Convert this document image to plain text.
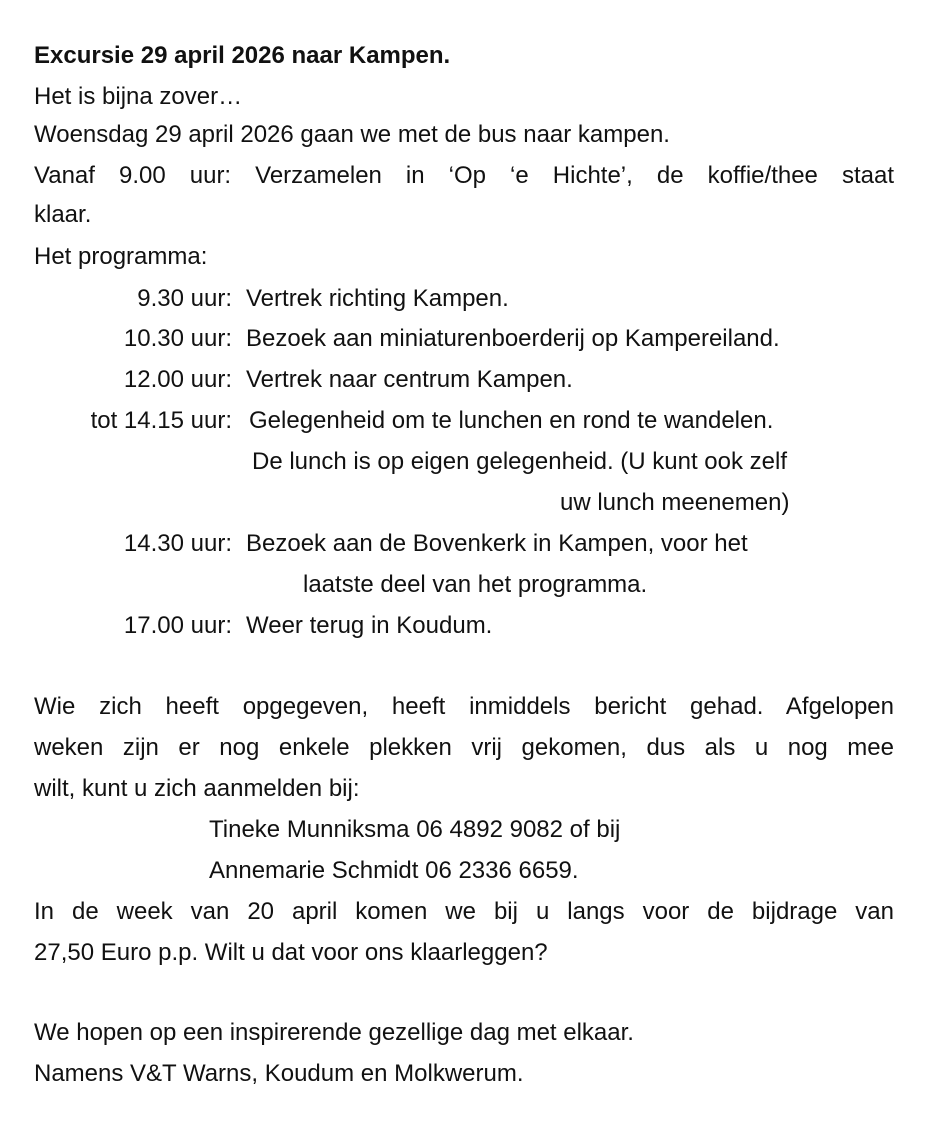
Excursie 29 april 2026 naar Kampen.
Het is bijna zover…
Woensdag 29 april 2026 gaan we met de bus naar kampen.
Vanaf 9.00 uur: Verzamelen in ‘Op ‘e Hichte’, de koffie/thee staat
klaar.
Het programma:
9.30 uur: Vertrek richting Kampen.
10.30 uur: Bezoek aan miniaturenboerderij op Kampereiland.
12.00 uur: Vertrek naar centrum Kampen.
tot 14.15 uur: Gelegenheid om te lunchen en rond te wandelen.
De lunch is op eigen gelegenheid. (U kunt ook zelf
uw lunch meenemen)
14.30 uur: Bezoek aan de Bovenkerk in Kampen, voor het
laatste deel van het programma.
17.00 uur: Weer terug in Koudum.
Wie zich heeft opgegeven, heeft inmiddels bericht gehad. Afgelopen
weken zijn er nog enkele plekken vrij gekomen, dus als u nog mee
wilt, kunt u zich aanmelden bij:
Tineke Munniksma 06 4892 9082 of bij
Annemarie Schmidt 06 2336 6659.
In de week van 20 april komen we bij u langs voor de bijdrage van
27,50 Euro p.p. Wilt u dat voor ons klaarleggen?
We hopen op een inspirerende gezellige dag met elkaar.
Namens V&T Warns, Koudum en Molkwerum.
